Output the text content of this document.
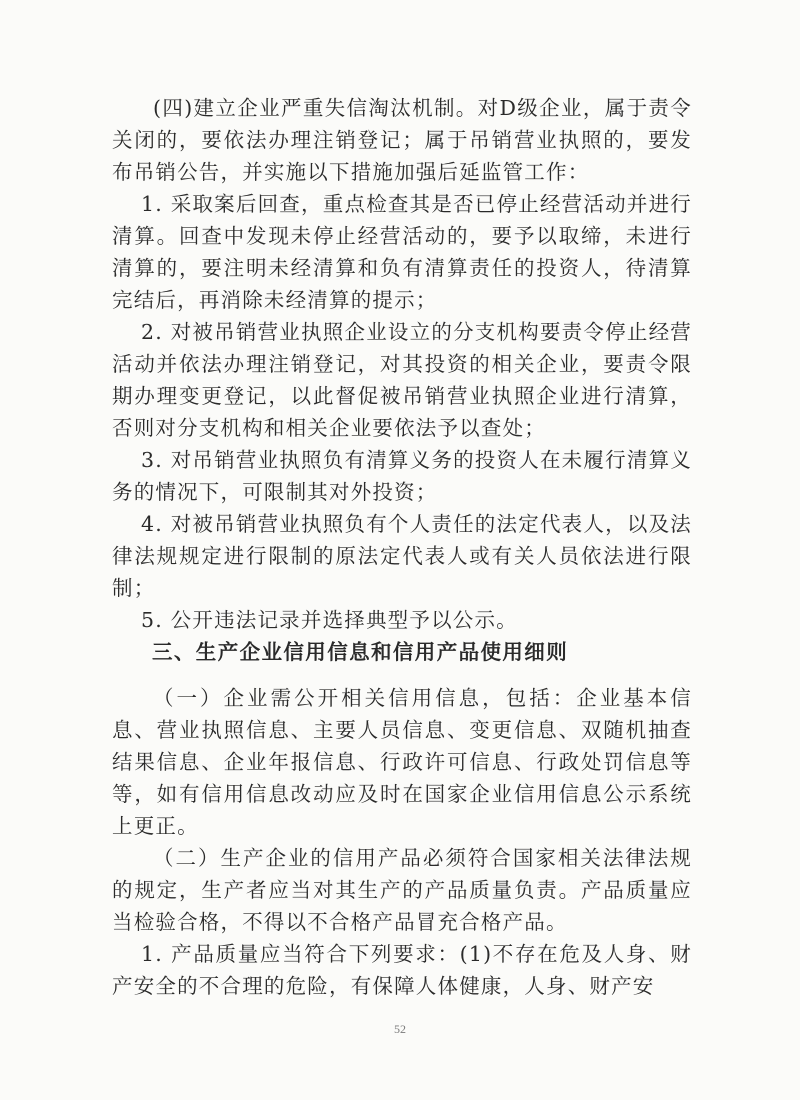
(四)建立企业严重失信淘汰机制。对D级企业，属于责令关闭的，要依法办理注销登记；属于吊销营业执照的，要发布吊销公告，并实施以下措施加强后延监管工作：

1. 采取案后回查，重点检查其是否已停止经营活动并进行清算。回查中发现未停止经营活动的，要予以取缔，未进行清算的，要注明未经清算和负有清算责任的投资人，待清算完结后，再消除未经清算的提示；

2. 对被吊销营业执照企业设立的分支机构要责令停止经营活动并依法办理注销登记，对其投资的相关企业，要责令限期办理变更登记，以此督促被吊销营业执照企业进行清算，否则对分支机构和相关企业要依法予以查处；

3. 对吊销营业执照负有清算义务的投资人在未履行清算义务的情况下，可限制其对外投资；

4. 对被吊销营业执照负有个人责任的法定代表人，以及法律法规规定进行限制的原法定代表人或有关人员依法进行限制；

5. 公开违法记录并选择典型予以公示。

三、生产企业信用信息和信用产品使用细则

（一）企业需公开相关信用信息，包括：企业基本信息、营业执照信息、主要人员信息、变更信息、双随机抽查结果信息、企业年报信息、行政许可信息、行政处罚信息等等，如有信用信息改动应及时在国家企业信用信息公示系统上更正。

（二）生产企业的信用产品必须符合国家相关法律法规的规定，生产者应当对其生产的产品质量负责。产品质量应当检验合格，不得以不合格产品冒充合格产品。

1. 产品质量应当符合下列要求：(1)不存在危及人身、财产安全的不合理的危险，有保障人体健康，人身、财产安

52
